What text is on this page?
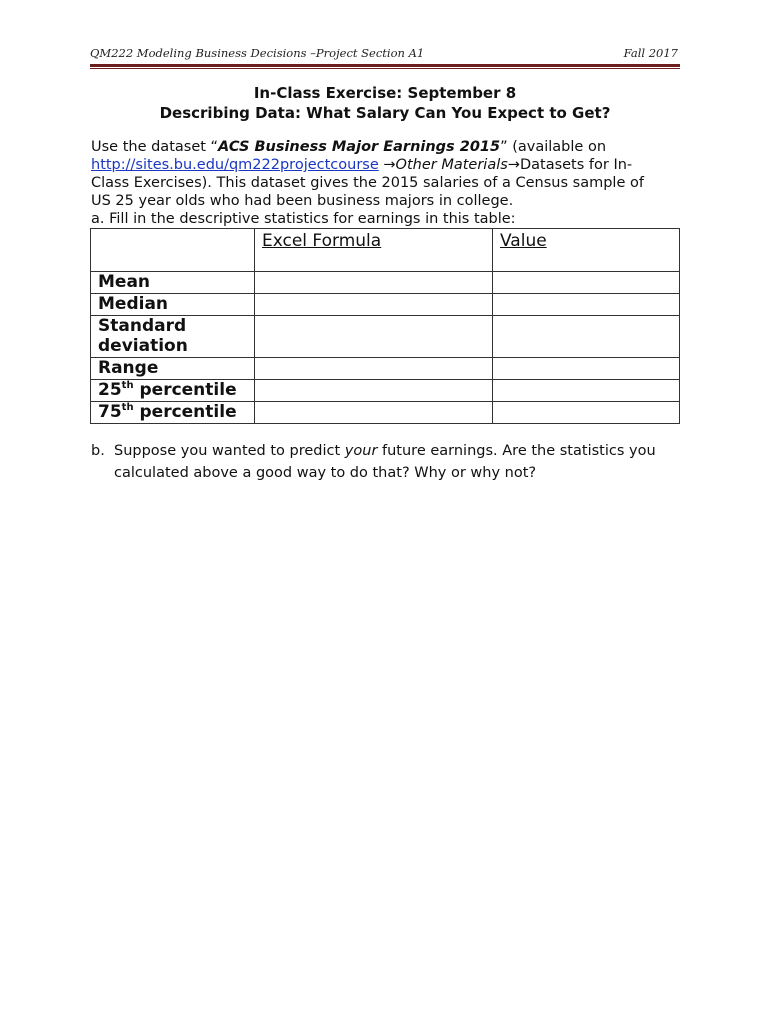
QM222 Modeling Business Decisions –Project Section A1	Fall 2017
In-Class Exercise: September 8
Describing Data: What Salary Can You Expect to Get?
Use the dataset “ACS Business Major Earnings 2015” (available on
http://sites.bu.edu/qm222projectcourse →Other Materials→Datasets for In-
Class Exercises). This dataset gives the 2015 salaries of a Census sample of
US 25 year olds who had been business majors in college.
a. Fill in the descriptive statistics for earnings in this table:
	Excel Formula	Value
Mean		
Median		

Standard
deviation		

Range		
25th percentile		
75th percentile		
b. Suppose you wanted to predict your future earnings. Are the statistics you
calculated above a good way to do that? Why or why not?
